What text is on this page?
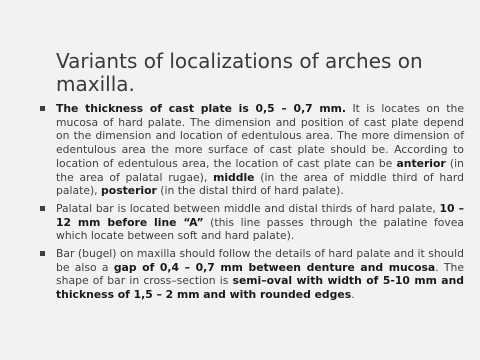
Variants of localizations of arches on maxilla.
The thickness of cast plate is 0,5 – 0,7 mm. It is locates on the mucosa of hard palate. The dimension and position of cast plate depend on the dimension and location of edentulous area. The more dimension of edentulous area the more surface of cast plate should be. According to location of edentulous area, the location of cast plate can be anterior (in the area of palatal rugae), middle (in the area of middle third of hard palate), posterior (in the distal third of hard palate).
Palatal bar is located between middle and distal thirds of hard palate, 10 – 12 mm before line “A” (this line passes through the palatine fovea which locate between soft and hard palate).
Bar (bugel) on maxilla should follow the details of hard palate and it should be also a gap of 0,4 – 0,7 mm between denture and mucosa. The shape of bar in cross–section is semi–oval with width of 5-10 mm and thickness of 1,5 – 2 mm and with rounded edges.
